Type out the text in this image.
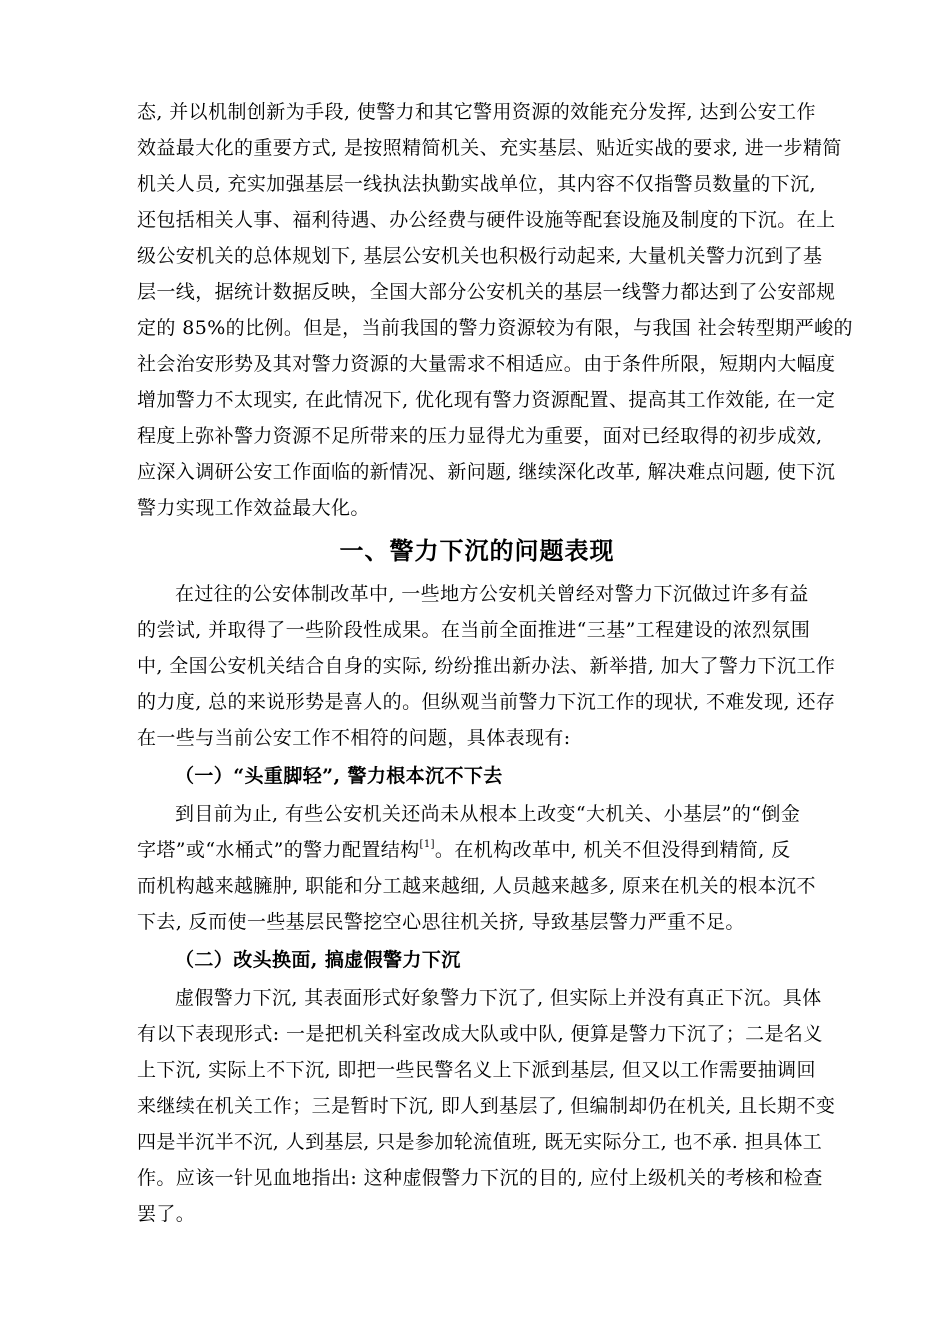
态, 并以机制创新为手段, 使警力和其它警用资源的效能充分发挥, 达到公安工作
效益最大化的重要方式, 是按照精简机关、充实基层、贴近实战的要求, 进一步精简
机关人员, 充实加强基层一线执法执勤实战单位，其内容不仅指警员数量的下沉,
还包括相关人事、福利待遇、办公经费与硬件设施等配套设施及制度的下沉。在上
级公安机关的总体规划下, 基层公安机关也积极行动起来, 大量机关警力沉到了基
层一线，据统计数据反映，全国大部分公安机关的基层一线警力都达到了公安部规
定的 85%的比例。但是，当前我国的警力资源较为有限，与我国 社会转型期严峻的
社会治安形势及其对警力资源的大量需求不相适应。由于条件所限，短期内大幅度
增加警力不太现实, 在此情况下, 优化现有警力资源配置、提高其工作效能, 在一定
程度上弥补警力资源不足所带来的压力显得尤为重要，面对已经取得的初步成效,
应深入调研公安工作面临的新情况、新问题, 继续深化改革, 解决难点问题, 使下沉
警力实现工作效益最大化。
一、警力下沉的问题表现
在过往的公安体制改革中, 一些地方公安机关曾经对警力下沉做过许多有益
的尝试, 并取得了一些阶段性成果。在当前全面推进“三基”工程建设的浓烈氛围
中, 全国公安机关结合自身的实际, 纷纷推出新办法、新举措, 加大了警力下沉工作
的力度, 总的来说形势是喜人的。但纵观当前警力下沉工作的现状, 不难发现, 还存
在一些与当前公安工作不相符的问题，具体表现有:
（一）“头重脚轻”, 警力根本沉不下去
到目前为止, 有些公安机关还尚未从根本上改变“大机关、小基层”的“倒金
字塔”或“水桶式”的警力配置结构[1]。在机构改革中, 机关不但没得到精简, 反
而机构越来越臃肿, 职能和分工越来越细, 人员越来越多, 原来在机关的根本沉不
下去, 反而使一些基层民警挖空心思往机关挤, 导致基层警力严重不足。
（二）改头换面, 搞虚假警力下沉
虚假警力下沉, 其表面形式好象警力下沉了, 但实际上并没有真正下沉。具体
有以下表现形式: 一是把机关科室改成大队或中队, 便算是警力下沉了；二是名义
上下沉, 实际上不下沉, 即把一些民警名义上下派到基层, 但又以工作需要抽调回
来继续在机关工作；三是暂时下沉, 即人到基层了, 但编制却仍在机关, 且长期不变
四是半沉半不沉, 人到基层, 只是参加轮流值班, 既无实际分工, 也不承. 担具体工
作。应该一针见血地指出: 这种虚假警力下沉的目的, 应付上级机关的考核和检查
罢了。
